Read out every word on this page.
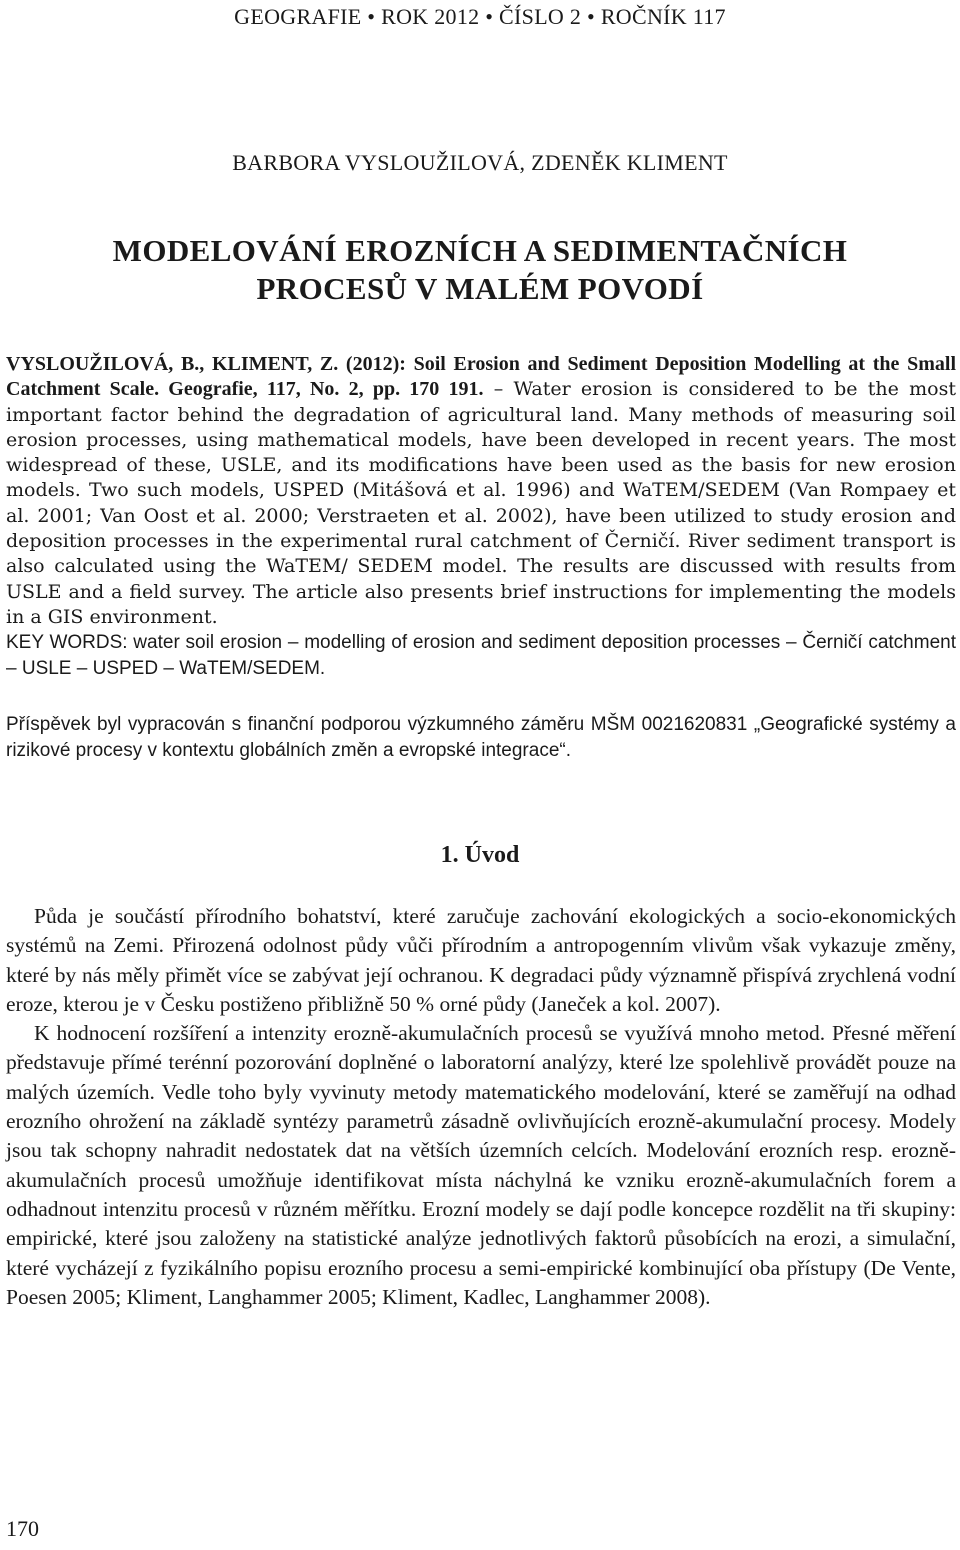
GEOGRAFIE • ROK 2012 • ČÍSLO 2 • ROČNÍK 117
BARBORA VYSLOUŽILOVÁ, ZDENĚK KLIMENT
MODELOVÁNÍ EROZNÍCH A SEDIMENTAČNÍCH
PROCESŮ V MALÉM POVODÍ
VYSLOUŽILOVÁ, B., KLIMENT, Z. (2012): Soil Erosion and Sediment Deposition Modelling at the Small Catchment Scale. Geografie, 117, No. 2, pp. 170 191. – Water erosion is considered to be the most important factor behind the degradation of agricultural land. Many methods of measuring soil erosion processes, using mathematical models, have been developed in recent years. The most widespread of these, USLE, and its modifications have been used as the basis for new erosion models. Two such models, USPED (Mitášová et al. 1996) and WaTEM/SEDEM (Van Rompaey et al. 2001; Van Oost et al. 2000; Verstraeten et al. 2002), have been utilized to study erosion and deposition processes in the experimental rural catchment of Černičí. River sediment transport is also calculated using the WaTEM/ SEDEM model. The results are discussed with results from USLE and a field survey. The article also presents brief instructions for implementing the models in a GIS environment.
KEY WORDS: water soil erosion – modelling of erosion and sediment deposition processes – Černičí catchment – USLE – USPED – WaTEM/SEDEM.
Příspěvek byl vypracován s finanční podporou výzkumného záměru MŠM 0021620831 „Geografické systémy a rizikové procesy v kontextu globálních změn a evropské integrace“.
1. Úvod

Půda je součástí přírodního bohatství, které zaručuje zachování ekologických a socio-ekonomických systémů na Zemi. Přirozená odolnost půdy vůči přírodním a antropogenním vlivům však vykazuje změny, které by nás měly přimět více se zabývat její ochranou. K degradaci půdy významně přispívá zrychlená vodní eroze, kterou je v Česku postiženo přibližně 50 % orné půdy (Janeček a kol. 2007).

K hodnocení rozšíření a intenzity erozně-akumulačních procesů se využívá mnoho metod. Přesné měření představuje přímé terénní pozorování doplněné o laboratorní analýzy, které lze spolehlivě provádět pouze na malých územích. Vedle toho byly vyvinuty metody matematického modelování, které se zaměřují na odhad erozního ohrožení na základě syntézy parametrů zásadně ovlivňujících erozně-akumulační procesy. Modely jsou tak schopny nahradit nedostatek dat na větších územních celcích. Modelování erozních resp. erozně-akumulačních procesů umožňuje identifikovat místa náchylná ke vzniku erozně-akumulačních forem a odhadnout intenzitu procesů v různém měřítku. Erozní modely se dají podle koncepce rozdělit na tři skupiny: empirické, které jsou založeny na statistické analýze jednotlivých faktorů působících na erozi, a simulační, které vycházejí z fyzikálního popisu erozního procesu a semi-empirické kombinující oba přístupy (De Vente, Poesen 2005; Kliment, Langhammer 2005; Kliment, Kadlec, Langhammer 2008).

170
